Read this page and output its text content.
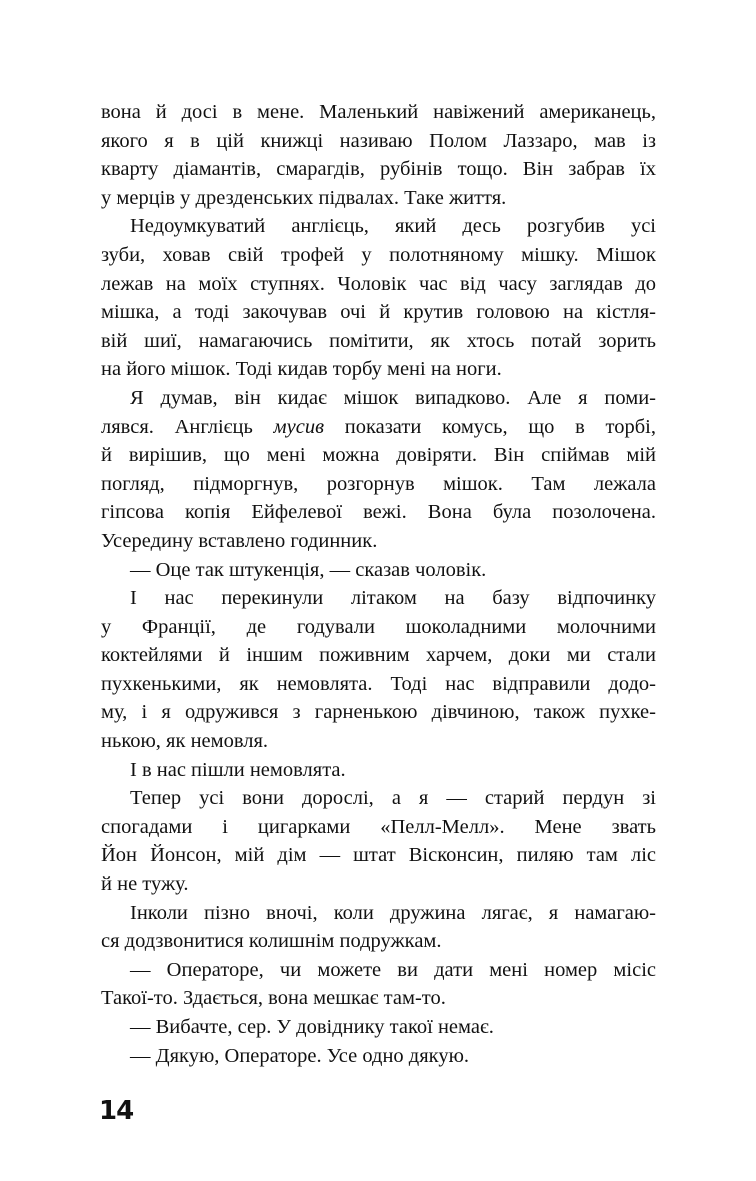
вона й досі в мене. Маленький навіжений американець,
якого я в цій книжці називаю Полом Лаззаро, мав із
кварту діамантів, смарагдів, рубінів тощо. Він забрав їх
у мерців у дрезденських підвалах. Таке життя.

Недоумкуватий англієць, який десь розгубив усі
зуби, ховав свій трофей у полотняному мішку. Мішок
лежав на моїх ступнях. Чоловік час від часу заглядав до
мішка, а тоді закочував очі й крутив головою на кістля-
вій шиї, намагаючись помітити, як хтось потай зорить
на його мішок. Тоді кидав торбу мені на ноги.

Я думав, він кидає мішок випадково. Але я поми-
лявся. Англієць мусив показати комусь, що в торбі,
й вирішив, що мені можна довіряти. Він спіймав мій
погляд, підморгнув, розгорнув мішок. Там лежала
гіпсова копія Ейфелевої вежі. Вона була позолочена.
Усередину вставлено годинник.

— Оце так штукенція, — сказав чоловік.

І нас перекинули літаком на базу відпочинку
у Франції, де годували шоколадними молочними
коктейлями й іншим поживним харчем, доки ми стали
пухкенькими, як немовлята. Тоді нас відправили додо-
му, і я одружився з гарненькою дівчиною, також пухке-
нькою, як немовля.

І в нас пішли немовлята.

Тепер усі вони дорослі, а я — старий пердун зі
спогадами і цигарками «Пелл-Мелл». Мене звать
Йон Йонсон, мій дім — штат Вісконсин, пиляю там ліс
й не тужу.

Інколи пізно вночі, коли дружина лягає, я намагаю-
ся додзвонитися колишнім подружкам.

— Операторе, чи можете ви дати мені номер місіс
Такої-то. Здається, вона мешкає там-то.

— Вибачте, сер. У довіднику такої немає.

— Дякую, Операторе. Усе одно дякую.

14
